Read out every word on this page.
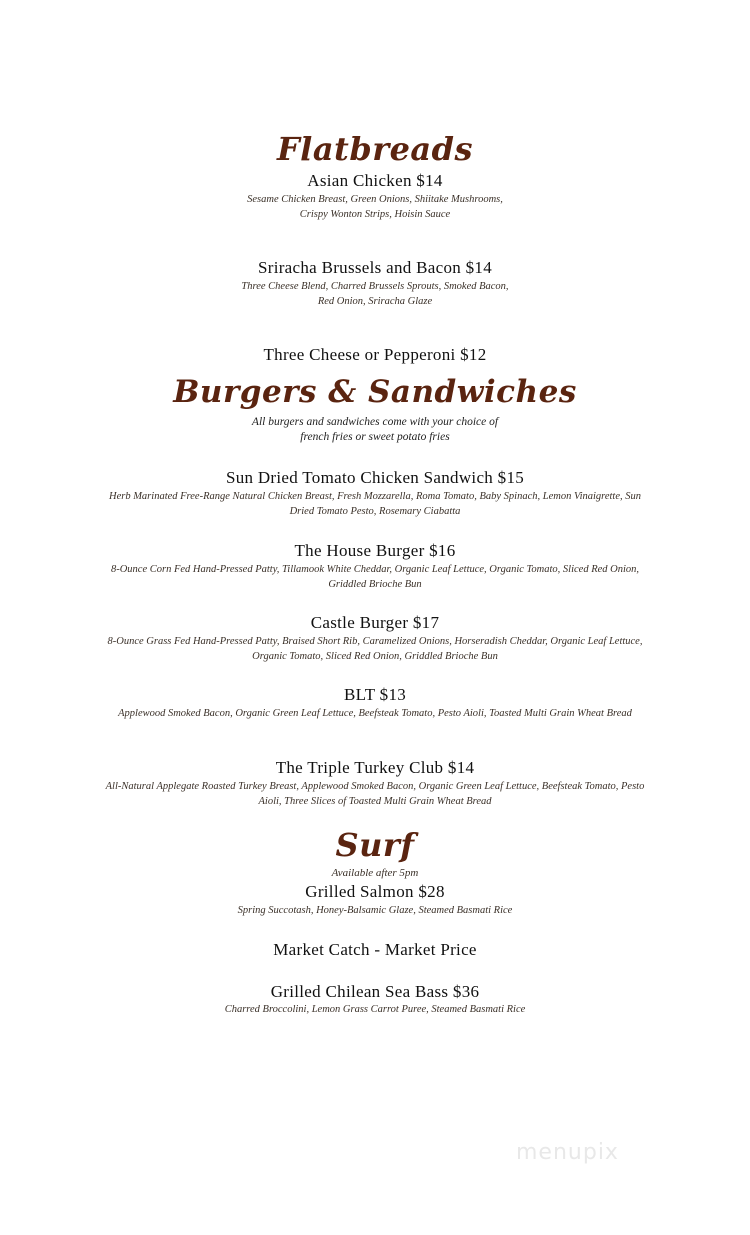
Flatbreads
Asian Chicken $14
Sesame Chicken Breast, Green Onions, Shiitake Mushrooms, Crispy Wonton Strips, Hoisin Sauce
Sriracha Brussels and Bacon $14
Three Cheese Blend, Charred Brussels Sprouts, Smoked Bacon, Red Onion, Sriracha Glaze
Three Cheese or Pepperoni $12
Burgers & Sandwiches
All burgers and sandwiches come with your choice of french fries or sweet potato fries
Sun Dried Tomato Chicken Sandwich $15
Herb Marinated Free-Range Natural Chicken Breast, Fresh Mozzarella, Roma Tomato, Baby Spinach, Lemon Vinaigrette, Sun Dried Tomato Pesto, Rosemary Ciabatta
The House Burger $16
8-Ounce Corn Fed Hand-Pressed Patty, Tillamook White Cheddar, Organic Leaf Lettuce, Organic Tomato, Sliced Red Onion, Griddled Brioche Bun
Castle Burger $17
8-Ounce Grass Fed Hand-Pressed Patty, Braised Short Rib, Caramelized Onions, Horseradish Cheddar, Organic Leaf Lettuce, Organic Tomato, Sliced Red Onion, Griddled Brioche Bun
BLT $13
Applewood Smoked Bacon, Organic Green Leaf Lettuce, Beefsteak Tomato, Pesto Aioli, Toasted Multi Grain Wheat Bread
The Triple Turkey Club $14
All-Natural Applegate Roasted Turkey Breast, Applewood Smoked Bacon, Organic Green Leaf Lettuce, Beefsteak Tomato, Pesto Aioli, Three Slices of Toasted Multi Grain Wheat Bread
Surf
Available after 5pm
Grilled Salmon $28
Spring Succotash, Honey-Balsamic Glaze, Steamed Basmati Rice
Market Catch - Market Price
Grilled Chilean Sea Bass $36
Charred Broccolini, Lemon Grass Carrot Puree, Steamed Basmati Rice
menupix
